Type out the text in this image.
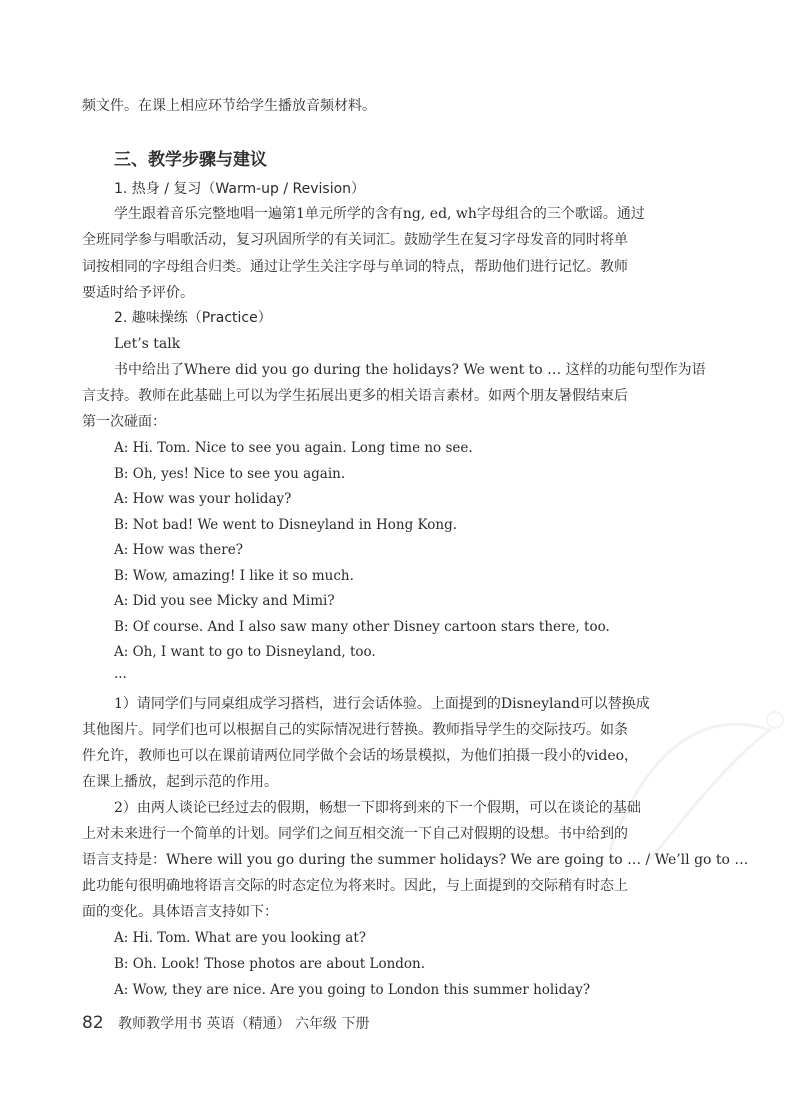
频文件。在课上相应环节给学生播放音频材料。
三、教学步骤与建议
1. 热身 / 复习（Warm-up / Revision）
学生跟着音乐完整地唱一遍第1单元所学的含有ng, ed, wh字母组合的三个歌谣。通过
全班同学参与唱歌活动，复习巩固所学的有关词汇。鼓励学生在复习字母发音的同时将单
词按相同的字母组合归类。通过让学生关注字母与单词的特点，帮助他们进行记忆。教师
要适时给予评价。
2. 趣味操练（Practice）
Let’s talk
书中给出了Where did you go during the holidays? We went to … 这样的功能句型作为语
言支持。教师在此基础上可以为学生拓展出更多的相关语言素材。如两个朋友暑假结束后
第一次碰面：
A: Hi. Tom. Nice to see you again. Long time no see.
B: Oh, yes! Nice to see you again.
A: How was your holiday?
B: Not bad! We went to Disneyland in Hong Kong.
A: How was there?
B: Wow, amazing! I like it so much.
A: Did you see Micky and Mimi?
B: Of course. And I also saw many other Disney cartoon stars there, too.
A: Oh, I want to go to Disneyland, too.
...
1）请同学们与同桌组成学习搭档，进行会话体验。上面提到的Disneyland可以替换成
其他图片。同学们也可以根据自己的实际情况进行替换。教师指导学生的交际技巧。如条
件允许，教师也可以在课前请两位同学做个会话的场景模拟，为他们拍摄一段小的video，
在课上播放，起到示范的作用。
2）由两人谈论已经过去的假期，畅想一下即将到来的下一个假期，可以在谈论的基础
上对未来进行一个简单的计划。同学们之间互相交流一下自己对假期的设想。书中给到的
语言支持是：Where will you go during the summer holidays? We are going to … / We’ll go to …
此功能句很明确地将语言交际的时态定位为将来时。因此，与上面提到的交际稍有时态上
面的变化。具体语言支持如下：
A: Hi. Tom. What are you looking at?
B: Oh. Look! Those photos are about London.
A: Wow, they are nice. Are you going to London this summer holiday?
82 教师教学用书 英语（精通） 六年级 下册
